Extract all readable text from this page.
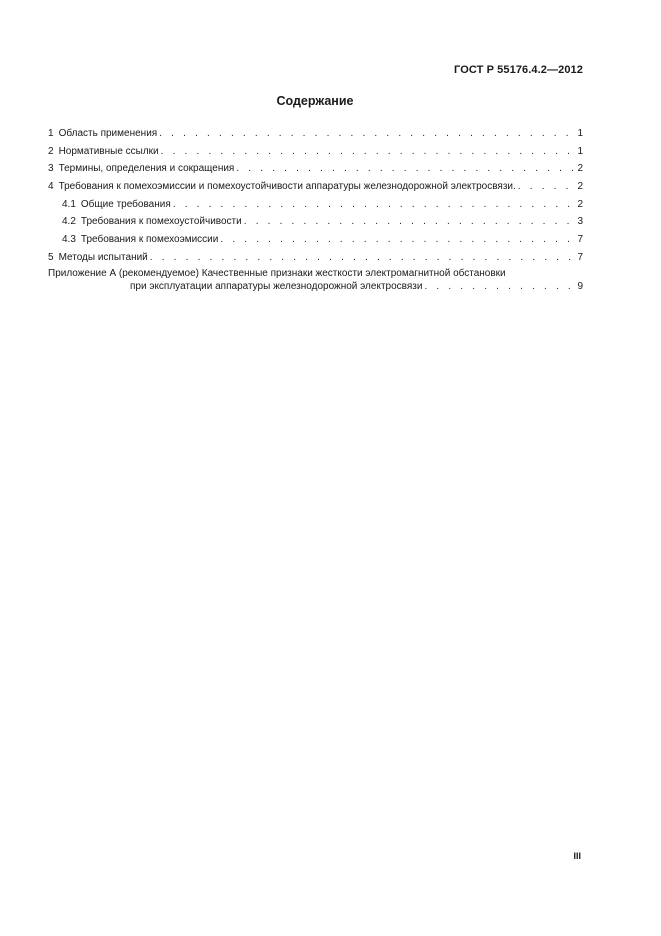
ГОСТ Р 55176.4.2—2012
Содержание
1 Область применения . . .	1
2 Нормативные ссылки . . .	1
3 Термины, определения и сокращения . . .	2
4 Требования к помехоэмиссии и помехоустойчивости аппаратуры железнодорожной электросвязи. . . .	2
4.1 Общие требования . . .	2
4.2 Требования к помехоустойчивости . . .	3
4.3 Требования к помехоэмиссии . . .	7
5 Методы испытаний . . .	7
Приложение А (рекомендуемое) Качественные признаки жесткости электромагнитной обстановки
при эксплуатации аппаратуры железнодорожной электросвязи . . .	9
III
